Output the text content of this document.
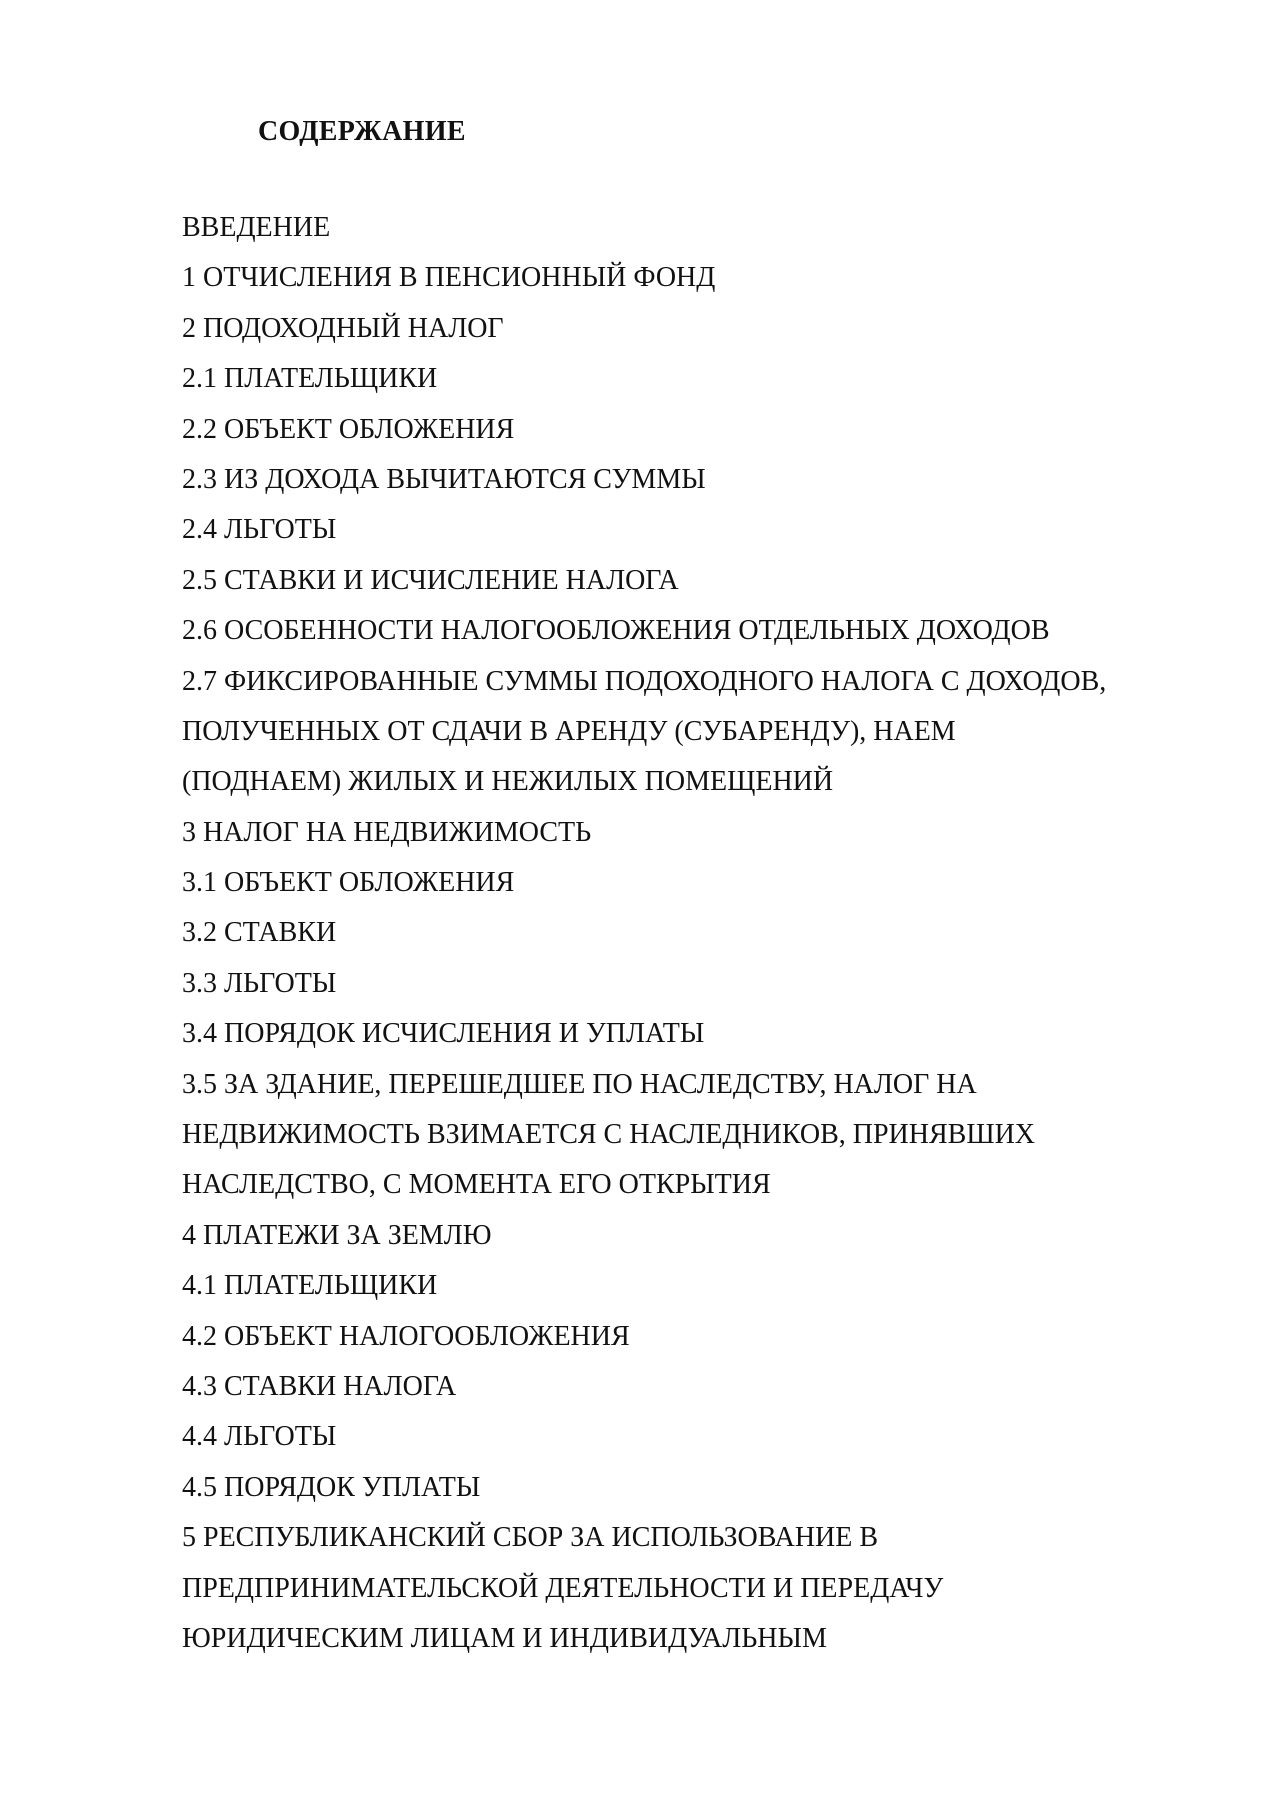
СОДЕРЖАНИЕ
ВВЕДЕНИЕ
1 ОТЧИСЛЕНИЯ В ПЕНСИОННЫЙ ФОНД
2 ПОДОХОДНЫЙ НАЛОГ
2.1 ПЛАТЕЛЬЩИКИ
2.2 ОБЪЕКТ ОБЛОЖЕНИЯ
2.3 ИЗ ДОХОДА ВЫЧИТАЮТСЯ СУММЫ
2.4 ЛЬГОТЫ
2.5 СТАВКИ И ИСЧИСЛЕНИЕ НАЛОГА
2.6 ОСОБЕННОСТИ НАЛОГООБЛОЖЕНИЯ ОТДЕЛЬНЫХ ДОХОДОВ
2.7 ФИКСИРОВАННЫЕ СУММЫ ПОДОХОДНОГО НАЛОГА С ДОХОДОВ,
ПОЛУЧЕННЫХ ОТ СДАЧИ В АРЕНДУ (СУБАРЕНДУ), НАЕМ
(ПОДНАЕМ) ЖИЛЫХ И НЕЖИЛЫХ ПОМЕЩЕНИЙ
3 НАЛОГ НА НЕДВИЖИМОСТЬ
3.1 ОБЪЕКТ ОБЛОЖЕНИЯ
3.2 СТАВКИ
3.3 ЛЬГОТЫ
3.4 ПОРЯДОК ИСЧИСЛЕНИЯ И УПЛАТЫ
3.5 ЗА ЗДАНИЕ, ПЕРЕШЕДШЕЕ ПО НАСЛЕДСТВУ, НАЛОГ НА
НЕДВИЖИМОСТЬ ВЗИМАЕТСЯ С НАСЛЕДНИКОВ, ПРИНЯВШИХ
НАСЛЕДСТВО, С МОМЕНТА ЕГО ОТКРЫТИЯ
4 ПЛАТЕЖИ ЗА ЗЕМЛЮ
4.1 ПЛАТЕЛЬЩИКИ
4.2 ОБЪЕКТ НАЛОГООБЛОЖЕНИЯ
4.3 СТАВКИ НАЛОГА
4.4 ЛЬГОТЫ
4.5 ПОРЯДОК УПЛАТЫ
5 РЕСПУБЛИКАНСКИЙ СБОР ЗА ИСПОЛЬЗОВАНИЕ В
ПРЕДПРИНИМАТЕЛЬСКОЙ ДЕЯТЕЛЬНОСТИ И ПЕРЕДАЧУ
ЮРИДИЧЕСКИМ ЛИЦАМ И ИНДИВИДУАЛЬНЫМ
